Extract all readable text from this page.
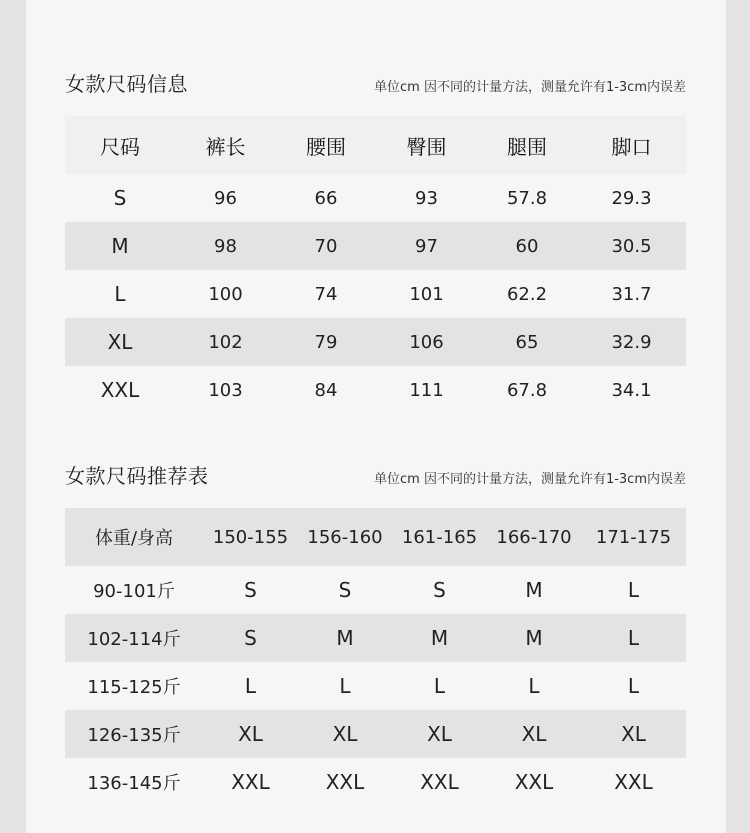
女款尺码信息	单位cm 因不同的计量方法，测量允许有1-3cm内误差
尺码	裤长	腰围	臀围	腿围	脚口
S	96	66	93	57.8	29.3
M	98	70	97	60	30.5
L	100	74	101	62.2	31.7
XL	102	79	106	65	32.9
XXL	103	84	111	67.8	34.1
女款尺码推荐表	单位cm 因不同的计量方法，测量允许有1-3cm内误差
体重/身高	150-155	156-160	161-165	166-170	171-175
90-101斤	S	S	S	M	L
102-114斤	S	M	M	M	L
115-125斤	L	L	L	L	L
126-135斤	XL	XL	XL	XL	XL
136-145斤	XXL	XXL	XXL	XXL	XXL
